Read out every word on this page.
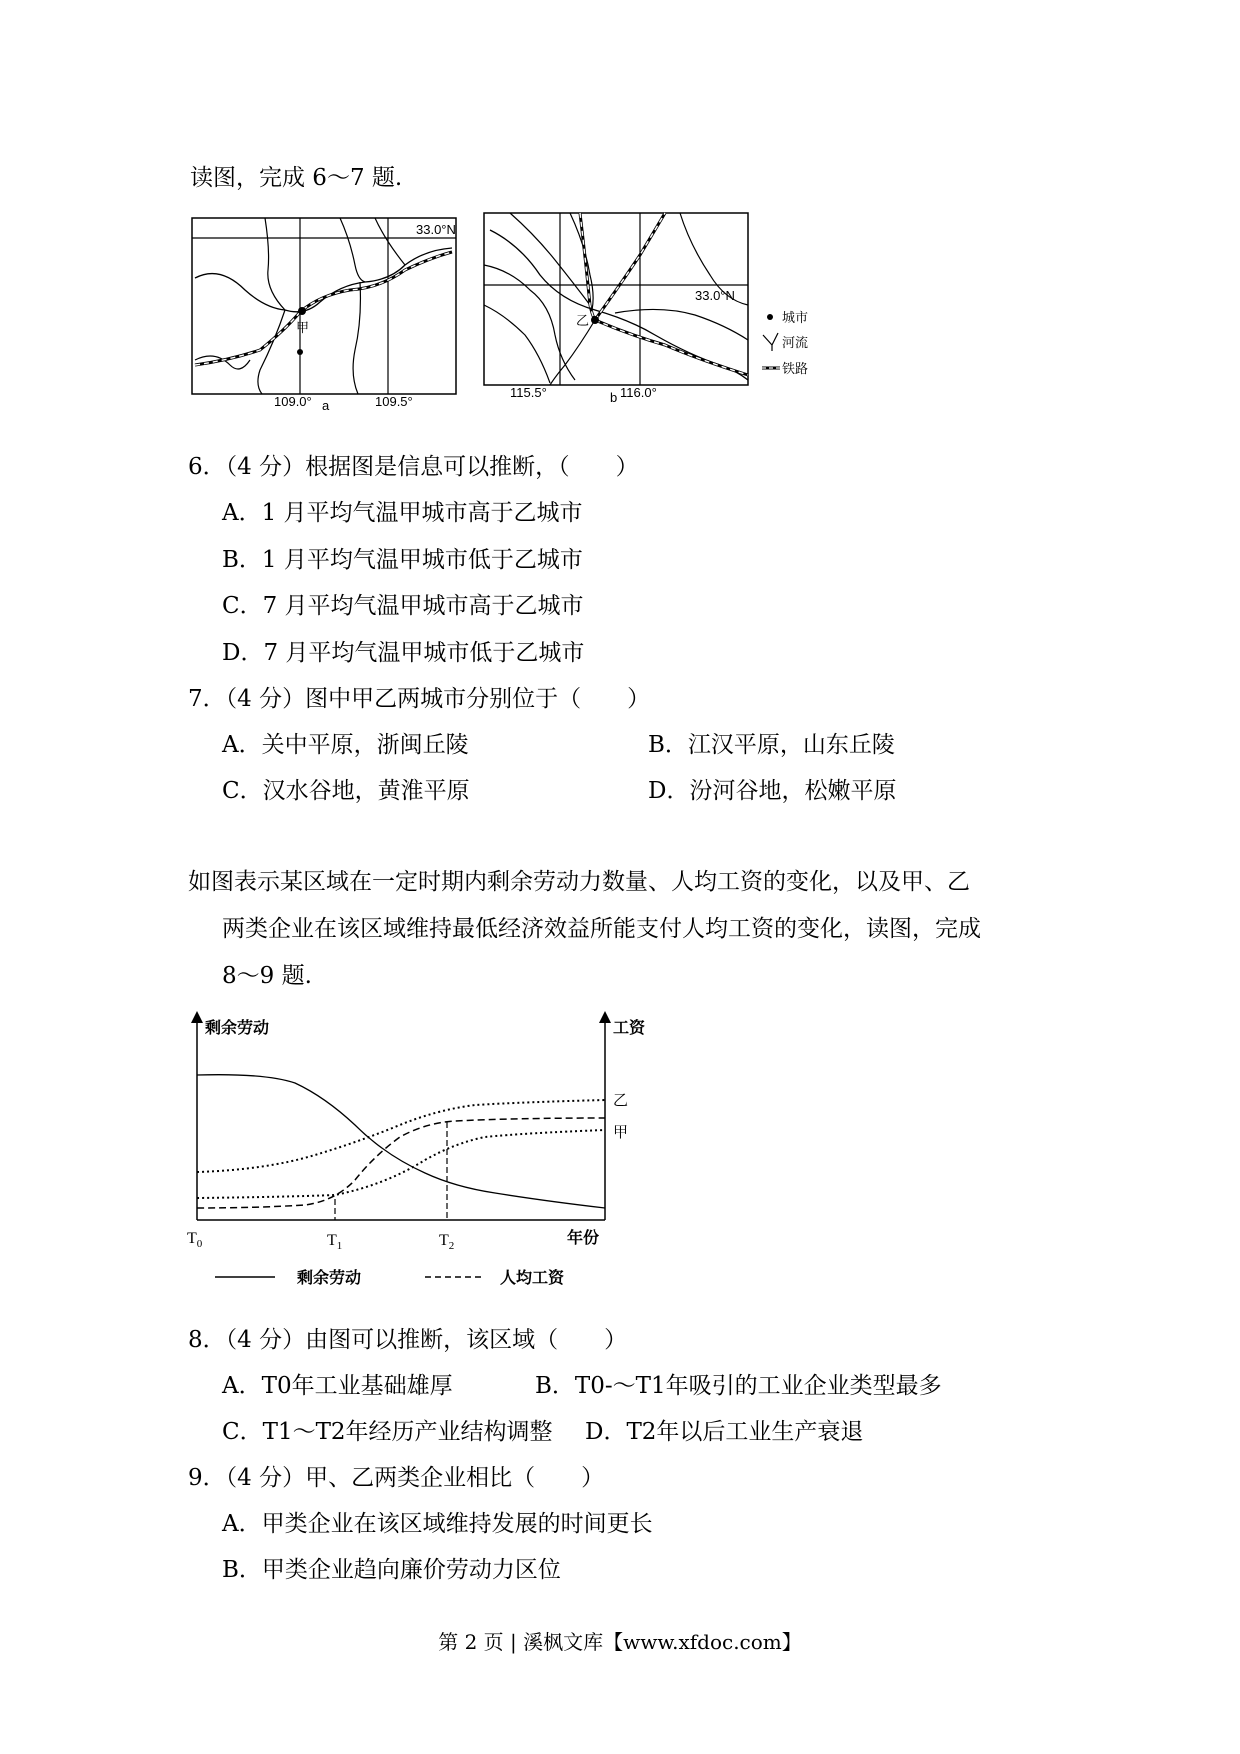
读图，完成 6～7 题.
33.0°N
109.0°	109.5°
甲
a
乙
33.0°N
115.5°	116.0°
城市
河流
铁路
b
6．（4 分）根据图是信息可以推断，（　　）
A．1 月平均气温甲城市高于乙城市
B．1 月平均气温甲城市低于乙城市
C．7 月平均气温甲城市高于乙城市
D．7 月平均气温甲城市低于乙城市
7．（4 分）图中甲乙两城市分别位于（　　）
A．关中平原，浙闽丘陵	B．江汉平原，山东丘陵
C．汉水谷地，黄淮平原	D．汾河谷地，松嫩平原
如图表示某区域在一定时期内剩余劳动力数量、人均工资的变化，以及甲、乙
两类企业在该区域维持最低经济效益所能支付人均工资的变化，读图，完成
8～9 题.
剩余劳动	工资
乙
甲
$T_0$	$T_1$	$T_2$	年份
剩余劳动	人均工资
8．（4 分）由图可以推断，该区域（　　）
A．T0年工业基础雄厚	B．T0-～T1年吸引的工业企业类型最多
C．T1～T2年经历产业结构调整 D．T2年以后工业生产衰退
9．（4 分）甲、乙两类企业相比（　　）
A．甲类企业在该区域维持发展的时间更长
B．甲类企业趋向廉价劳动力区位
第 2 页 | 溪枫文库【www.xfdoc.com】
